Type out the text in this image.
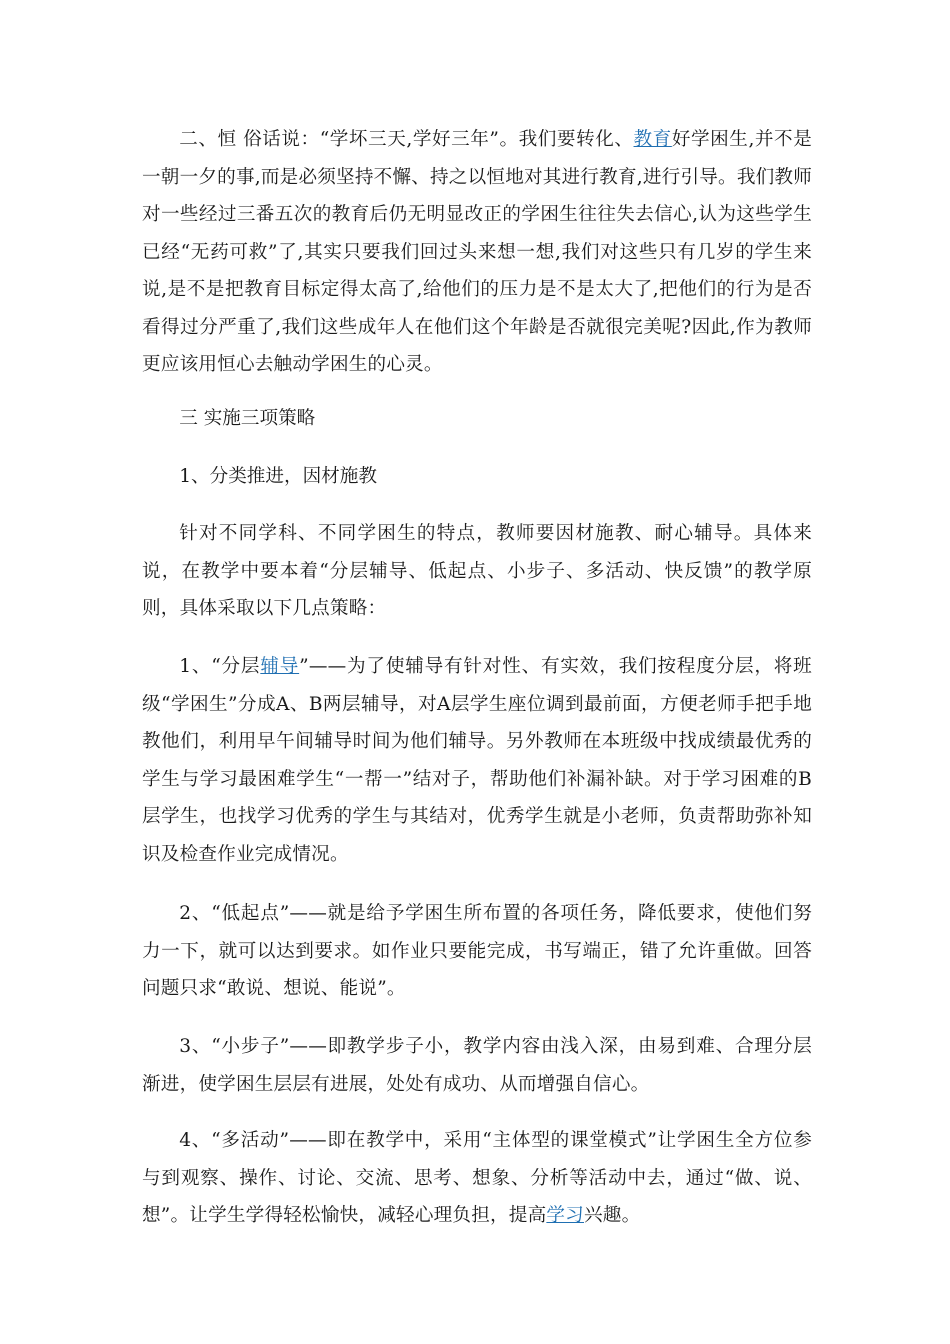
二、恒 俗话说：“学坏三天,学好三年”。我们要转化、教育好学困生,并不是一朝一夕的事,而是必须坚持不懈、持之以恒地对其进行教育,进行引导。我们教师对一些经过三番五次的教育后仍无明显改正的学困生往往失去信心,认为这些学生已经“无药可救”了,其实只要我们回过头来想一想,我们对这些只有几岁的学生来说,是不是把教育目标定得太高了,给他们的压力是不是太大了,把他们的行为是否看得过分严重了,我们这些成年人在他们这个年龄是否就很完美呢?因此,作为教师更应该用恒心去触动学困生的心灵。

三 实施三项策略

1、分类推进，因材施教

针对不同学科、不同学困生的特点，教师要因材施教、耐心辅导。具体来说，在教学中要本着“分层辅导、低起点、小步子、多活动、快反馈”的教学原则，具体采取以下几点策略：

1、“分层辅导”——为了使辅导有针对性、有实效，我们按程度分层，将班级“学困生”分成A、B两层辅导，对A层学生座位调到最前面，方便老师手把手地教他们，利用早午间辅导时间为他们辅导。另外教师在本班级中找成绩最优秀的学生与学习最困难学生“一帮一”结对子，帮助他们补漏补缺。对于学习困难的B层学生，也找学习优秀的学生与其结对，优秀学生就是小老师，负责帮助弥补知识及检查作业完成情况。

2、“低起点”——就是给予学困生所布置的各项任务，降低要求，使他们努力一下，就可以达到要求。如作业只要能完成，书写端正，错了允许重做。回答问题只求“敢说、想说、能说”。

3、“小步子”——即教学步子小，教学内容由浅入深，由易到难、合理分层渐进，使学困生层层有进展，处处有成功、从而增强自信心。

4、“多活动”——即在教学中，采用“主体型的课堂模式”让学困生全方位参与到观察、操作、讨论、交流、思考、想象、分析等活动中去，通过“做、说、想”。让学生学得轻松愉快，减轻心理负担，提高学习兴趣。
